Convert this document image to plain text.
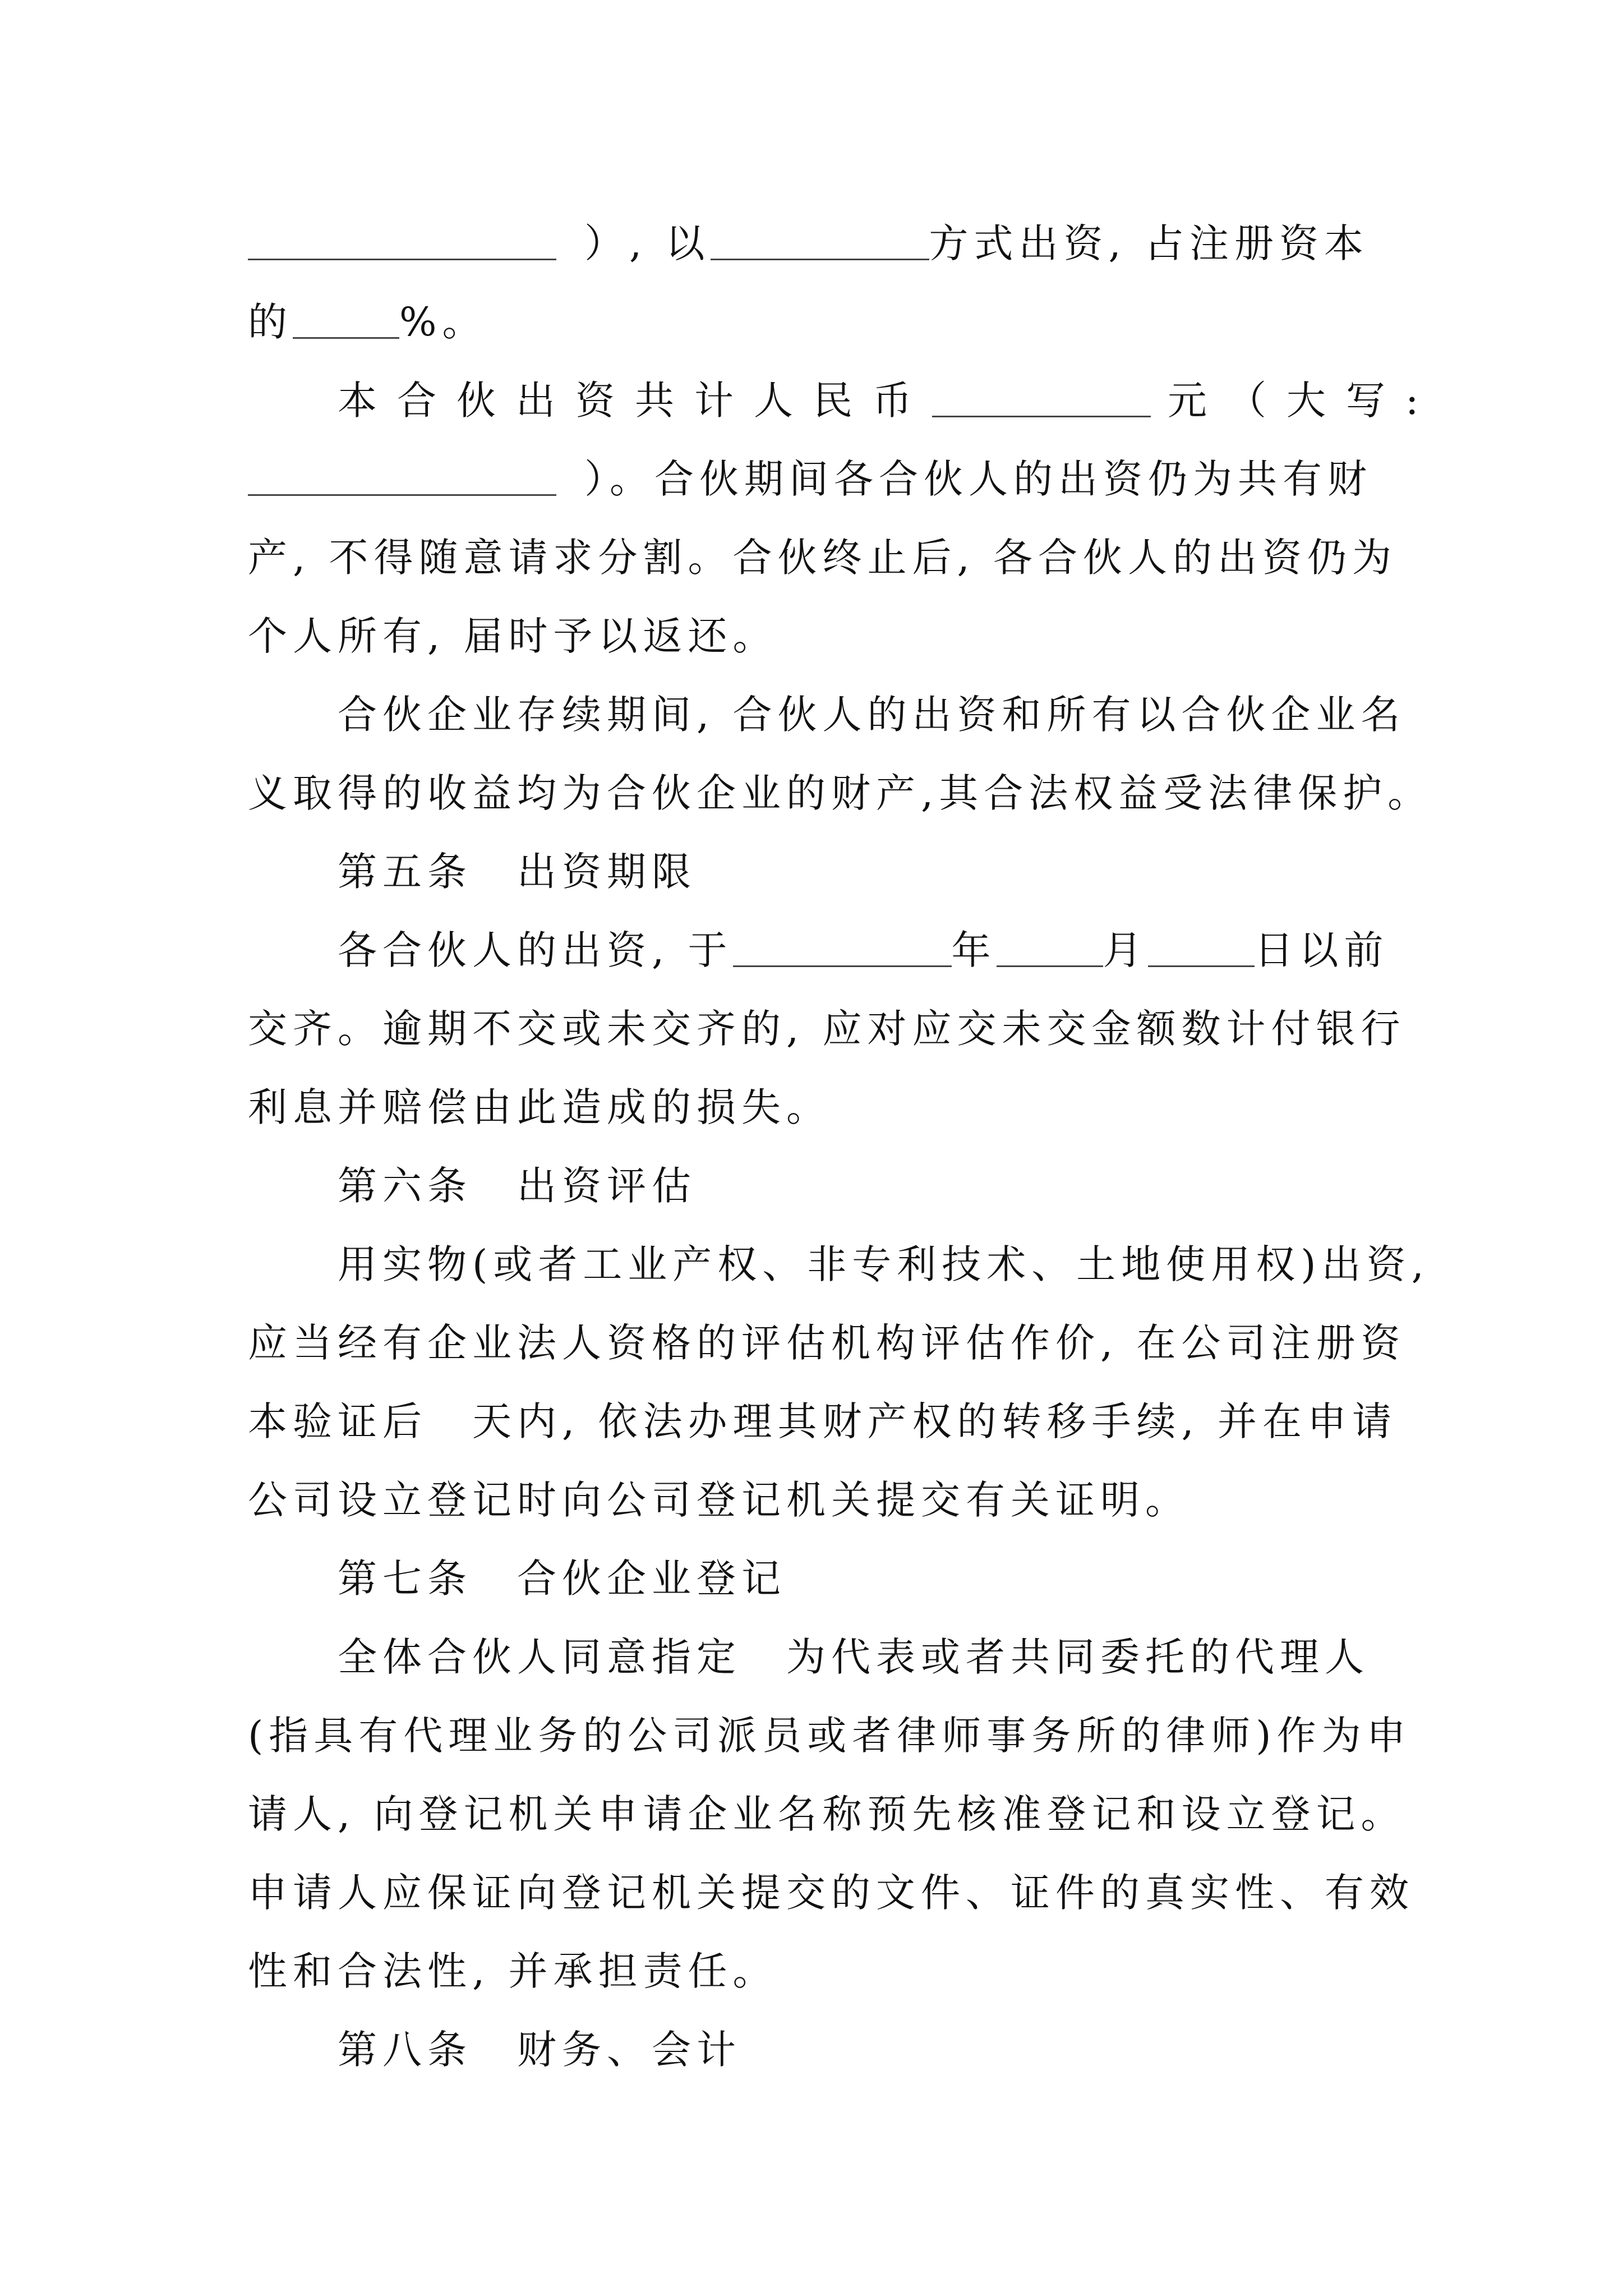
）, 以	方式出资, 占注册资本
的	%。
本合伙出资共计人民币	元（大写:
）。合伙期间各合伙人的出资仍为共有财
产, 不得随意请求分割。合伙终止后, 各合伙人的出资仍为
个人所有, 届时予以返还。
合伙企业存续期间, 合伙人的出资和所有以合伙企业名
义取得的收益均为合伙企业的财产,其合法权益受法律保护。
第五条　出资期限
各合伙人的出资, 于	年	月	日以前
交齐。逾期不交或未交齐的, 应对应交未交金额数计付银行
利息并赔偿由此造成的损失。
第六条　出资评估
用实物(或者工业产权、非专利技术、土地使用权)出资,
应当经有企业法人资格的评估机构评估作价, 在公司注册资
本验证后 天内, 依法办理其财产权的转移手续, 并在申请
公司设立登记时向公司登记机关提交有关证明。
第七条　合伙企业登记
全体合伙人同意指定 为代表或者共同委托的代理人
(指具有代理业务的公司派员或者律师事务所的律师)作为申
请人, 向登记机关申请企业名称预先核准登记和设立登记。
申请人应保证向登记机关提交的文件、证件的真实性、有效
性和合法性, 并承担责任。
第八条　财务、会计
